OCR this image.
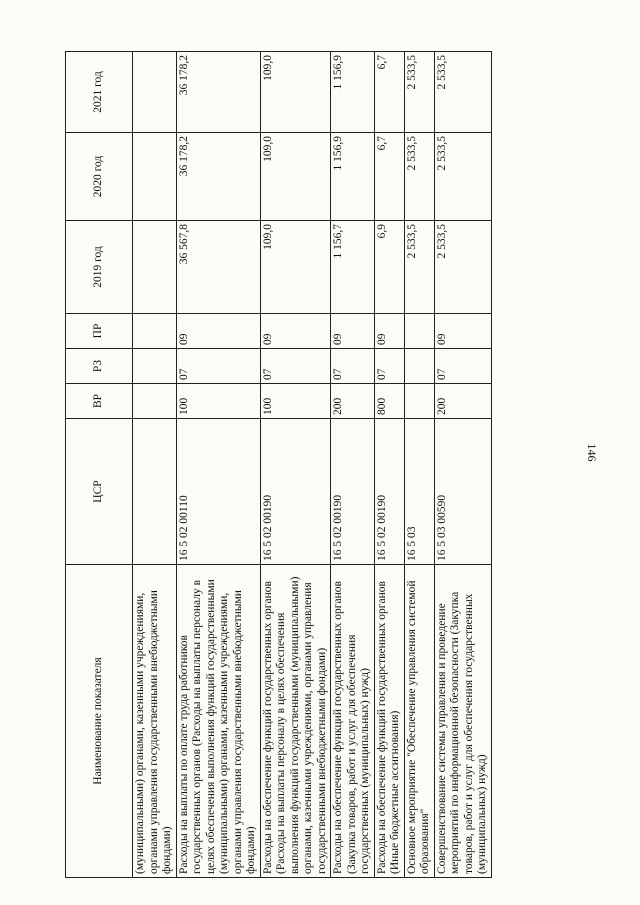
146
Наименование показателя	ЦСР	ВР	РЗ	ПР	2019 год	2020 год	2021 год
(муниципальными) органами, казенными учреждениями, органами управления государственными внебюджетными фондами)							
Расходы на выплаты по оплате труда работников государственных органов (Расходы на выплаты персоналу в целях обеспечения выполнения функций государственными (муниципальными) органами, казенными учреждениями, органами управления государственными внебюджетными фондами)	16 5 02 00110	100	07	09	36 567,8	36 178,2	36 178,2
Расходы на обеспечение функций государственных органов (Расходы на выплаты персоналу в целях обеспечения выполнения функций государственными (муниципальными) органами, казенными учреждениями, органами управления государственными внебюджетными фондами)	16 5 02 00190	100	07	09	109,0	109,0	109,0
Расходы на обеспечение функций государственных органов (Закупка товаров, работ и услуг для обеспечения государственных (муниципальных) нужд)	16 5 02 00190	200	07	09	1 156,7	1 156,9	1 156,9
Расходы на обеспечение функций государственных органов (Иные бюджетные ассигнования)	16 5 02 00190	800	07	09	6,9	6,7	6,7
Основное мероприятие "Обеспечение управления системой образования"	16 5 03				2 533,5	2 533,5	2 533,5
Совершенствование системы управления и проведение мероприятий по информационной безопасности (Закупка товаров, работ и услуг для обеспечения государственных (муниципальных) нужд)	16 5 03 00590	200	07	09	2 533,5	2 533,5	2 533,5
